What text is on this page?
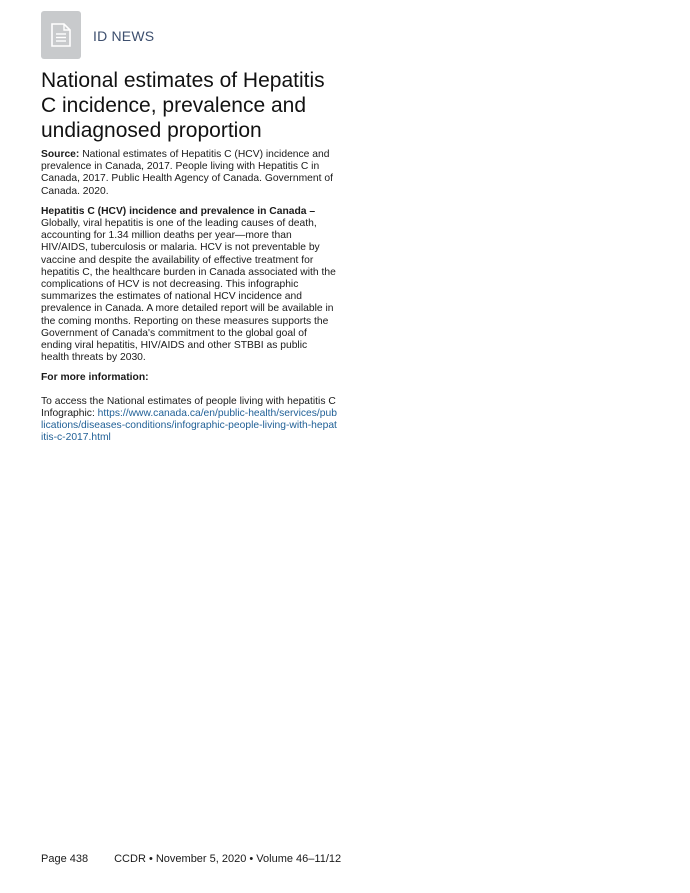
ID NEWS
National estimates of Hepatitis C incidence, prevalence and undiagnosed proportion

Source: National estimates of Hepatitis C (HCV) incidence and prevalence in Canada, 2017. People living with Hepatitis C in Canada, 2017. Public Health Agency of Canada. Government of Canada. 2020.

Hepatitis C (HCV) incidence and prevalence in Canada – Globally, viral hepatitis is one of the leading causes of death, accounting for 1.34 million deaths per year—more than HIV/AIDS, tuberculosis or malaria. HCV is not preventable by vaccine and despite the availability of effective treatment for hepatitis C, the healthcare burden in Canada associated with the complications of HCV is not decreasing. This infographic summarizes the estimates of national HCV incidence and prevalence in Canada. A more detailed report will be available in the coming months. Reporting on these measures supports the Government of Canada's commitment to the global goal of ending viral hepatitis, HIV/AIDS and other STBBI as public health threats by 2030.

For more information:

To access the National estimates of people living with hepatitis C Infographic: https://www.canada.ca/en/public-health/services/publications/diseases-conditions/infographic-people-living-with-hepatitis-c-2017.html

Page 438 CCDR • November 5, 2020 • Volume 46–11/12
